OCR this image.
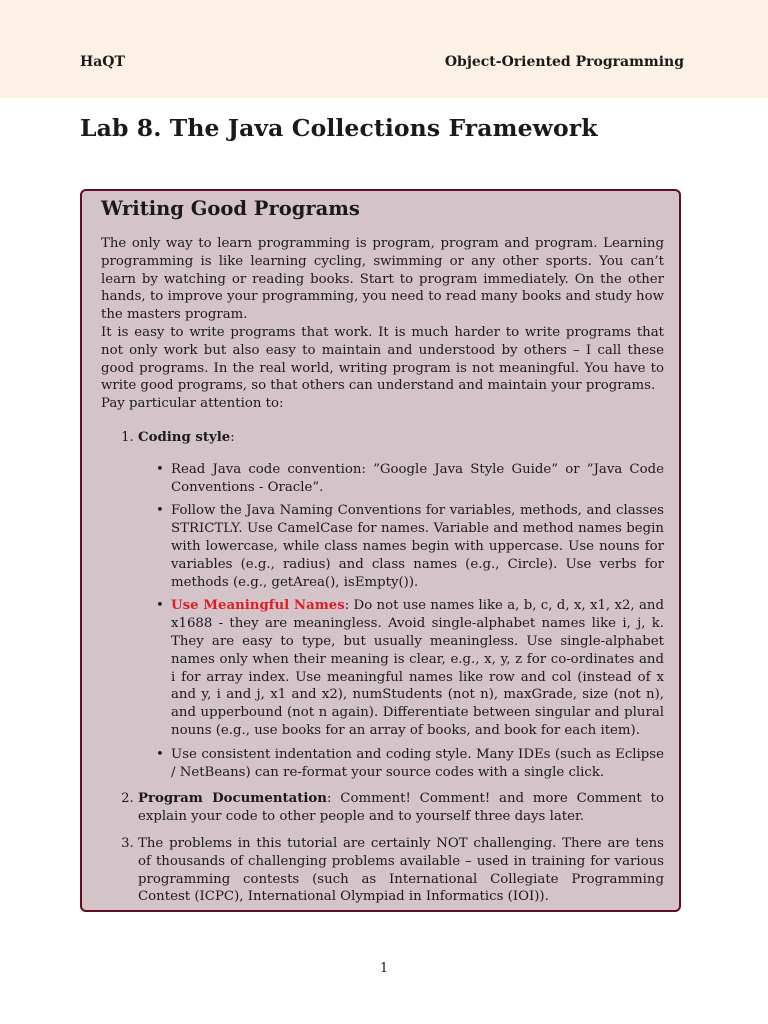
HaQT	Object-Oriented Programming
Lab 8. The Java Collections Framework
Writing Good Programs

The only way to learn programming is program, program and program. Learning programming is like learning cycling, swimming or any other sports. You can’t learn by watching or reading books. Start to program immediately. On the other hands, to improve your programming, you need to read many books and study how the masters program.

It is easy to write programs that work. It is much harder to write programs that not only work but also easy to maintain and understood by others – I call these good programs. In the real world, writing program is not meaningful. You have to write good programs, so that others can understand and maintain your programs.

Pay particular attention to:

1. Coding style:
• Read Java code convention: ”Google Java Style Guide” or ”Java Code Conventions - Oracle”.
• Follow the Java Naming Conventions for variables, methods, and classes STRICTLY. Use CamelCase for names. Variable and method names begin with lowercase, while class names begin with uppercase. Use nouns for variables (e.g., radius) and class names (e.g., Circle). Use verbs for methods (e.g., getArea(), isEmpty()).
• Use Meaningful Names: Do not use names like a, b, c, d, x, x1, x2, and x1688 - they are meaningless. Avoid single-alphabet names like i, j, k. They are easy to type, but usually meaningless. Use single-alphabet names only when their meaning is clear, e.g., x, y, z for co-ordinates and i for array index. Use meaningful names like row and col (instead of x and y, i and j, x1 and x2), numStudents (not n), maxGrade, size (not n), and upperbound (not n again). Differentiate between singular and plural nouns (e.g., use books for an array of books, and book for each item).
• Use consistent indentation and coding style. Many IDEs (such as Eclipse / NetBeans) can re-format your source codes with a single click.
2. Program Documentation: Comment! Comment! and more Comment to explain your code to other people and to yourself three days later.
3. The problems in this tutorial are certainly NOT challenging. There are tens of thousands of challenging problems available – used in training for various programming contests (such as International Collegiate Programming Contest (ICPC), International Olympiad in Informatics (IOI)).
1
